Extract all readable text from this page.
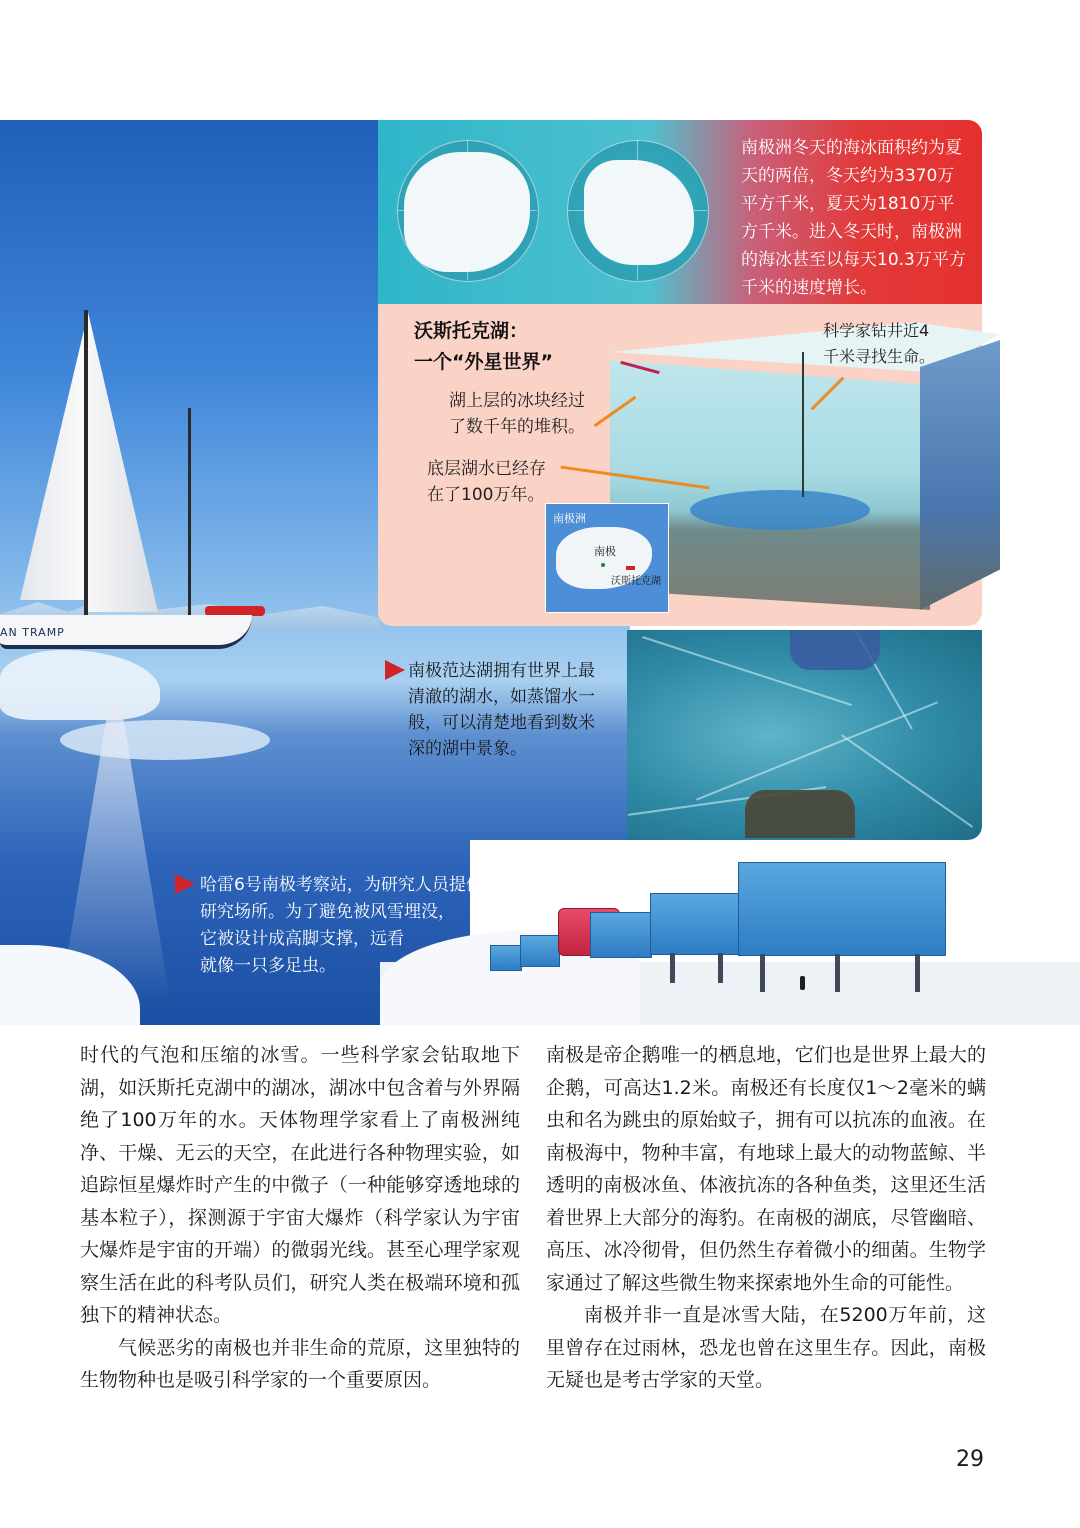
AN TRAMP
南极洲冬天的海冰面积约为夏天的两倍，冬天约为3370万平方千米，夏天为1810万平方千米。进入冬天时，南极洲的海冰甚至以每天10.3万平方千米的速度增长。
沃斯托克湖：
一个“外星世界”
湖上层的冰块经过
了数千年的堆积。
底层湖水已经存
在了100万年。
科学家钻井近4
千米寻找生命。
南极洲
南极
沃斯托克湖
南极范达湖拥有世界上最
清澈的湖水，如蒸馏水一
般，可以清楚地看到数米
深的湖中景象。
哈雷6号南极考察站，为研究人员提供衣食住行和
研究场所。为了避免被风雪埋没，
它被设计成高脚支撑，远看
就像一只多足虫。

时代的气泡和压缩的冰雪。一些科学家会钻取地下湖，如沃斯托克湖中的湖冰，湖冰中包含着与外界隔绝了100万年的水。天体物理学家看上了南极洲纯净、干燥、无云的天空，在此进行各种物理实验，如追踪恒星爆炸时产生的中微子（一种能够穿透地球的基本粒子），探测源于宇宙大爆炸（科学家认为宇宙大爆炸是宇宙的开端）的微弱光线。甚至心理学家观察生活在此的科考队员们，研究人类在极端环境和孤独下的精神状态。

气候恶劣的南极也并非生命的荒原，这里独特的生物物种也是吸引科学家的一个重要原因。

南极是帝企鹅唯一的栖息地，它们也是世界上最大的企鹅，可高达1.2米。南极还有长度仅1～2毫米的螨虫和名为跳虫的原始蚊子，拥有可以抗冻的血液。在南极海中，物种丰富，有地球上最大的动物蓝鲸、半透明的南极冰鱼、体液抗冻的各种鱼类，这里还生活着世界上大部分的海豹。在南极的湖底，尽管幽暗、高压、冰冷彻骨，但仍然生存着微小的细菌。生物学家通过了解这些微生物来探索地外生命的可能性。

南极并非一直是冰雪大陆，在5200万年前，这里曾存在过雨林，恐龙也曾在这里生存。因此，南极无疑也是考古学家的天堂。

29
